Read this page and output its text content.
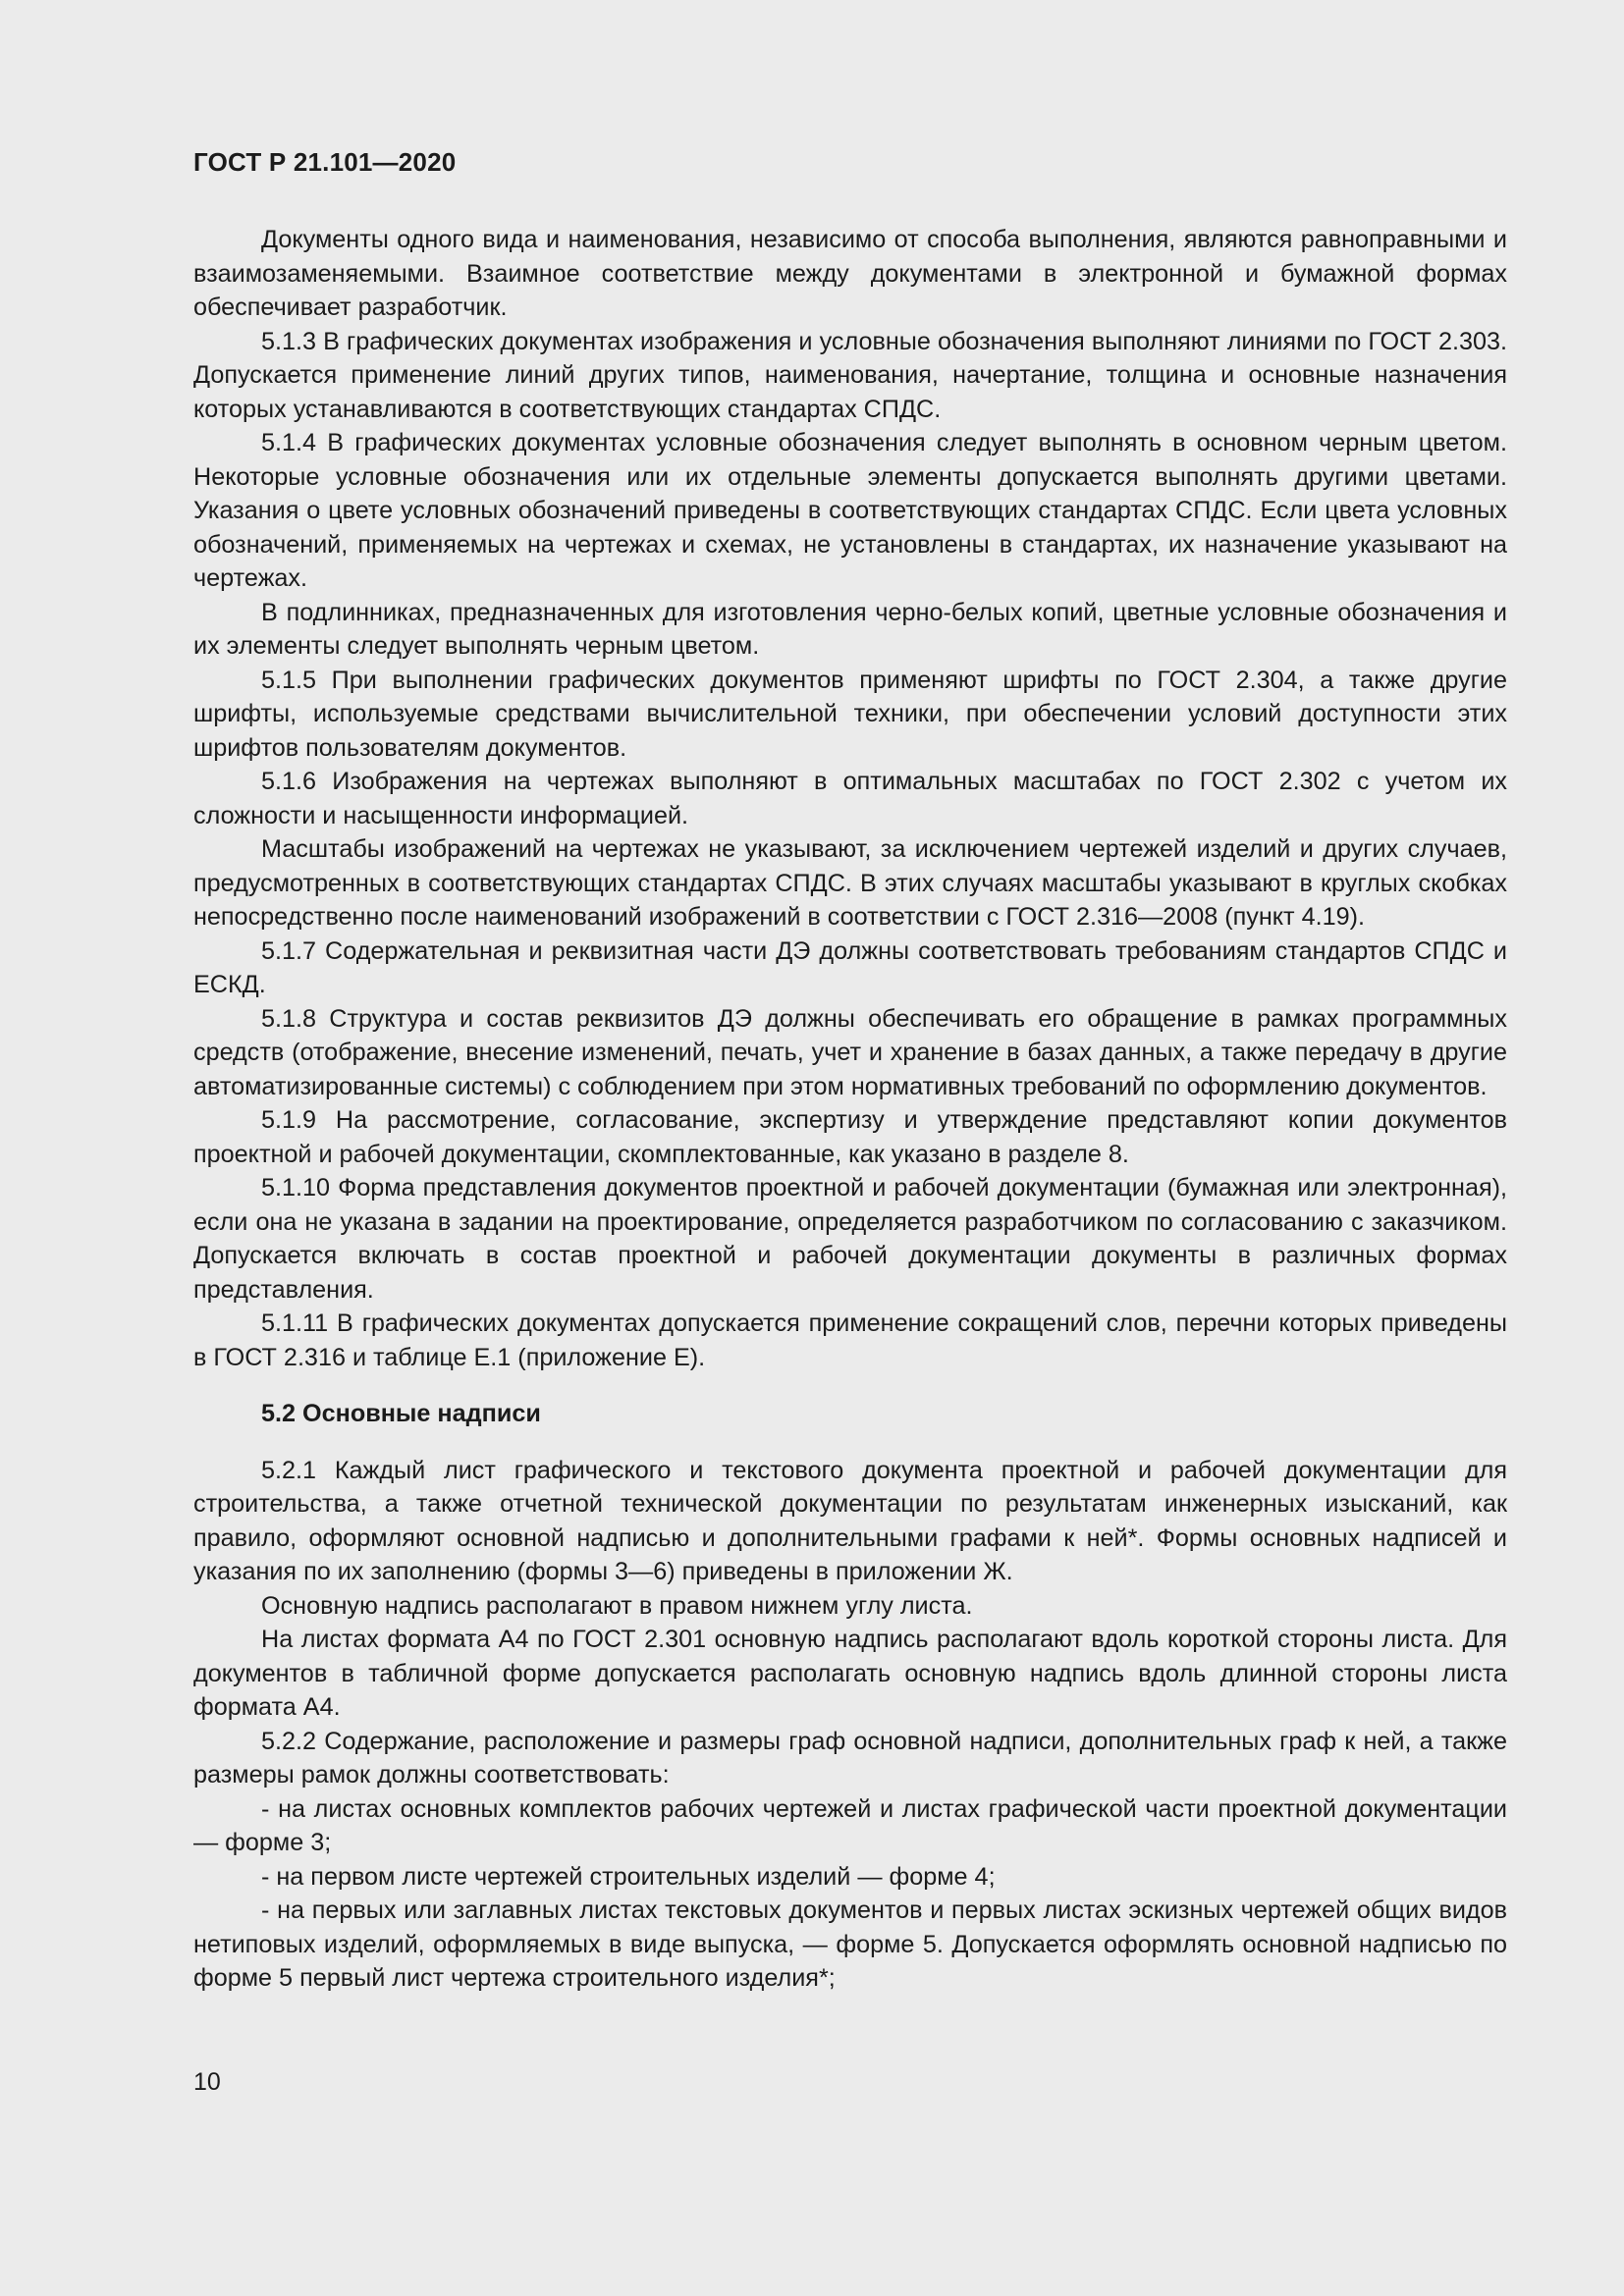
ГОСТ Р 21.101—2020

Документы одного вида и наименования, независимо от способа выполнения, являются равноправными и взаимозаменяемыми. Взаимное соответствие между документами в электронной и бумажной формах обеспечивает разработчик.

5.1.3 В графических документах изображения и условные обозначения выполняют линиями по ГОСТ 2.303. Допускается применение линий других типов, наименования, начертание, толщина и основные назначения которых устанавливаются в соответствующих стандартах СПДС.

5.1.4 В графических документах условные обозначения следует выполнять в основном черным цветом. Некоторые условные обозначения или их отдельные элементы допускается выполнять другими цветами. Указания о цвете условных обозначений приведены в соответствующих стандартах СПДС. Если цвета условных обозначений, применяемых на чертежах и схемах, не установлены в стандартах, их назначение указывают на чертежах.

В подлинниках, предназначенных для изготовления черно-белых копий, цветные условные обозначения и их элементы следует выполнять черным цветом.

5.1.5 При выполнении графических документов применяют шрифты по ГОСТ 2.304, а также другие шрифты, используемые средствами вычислительной техники, при обеспечении условий доступности этих шрифтов пользователям документов.

5.1.6 Изображения на чертежах выполняют в оптимальных масштабах по ГОСТ 2.302 с учетом их сложности и насыщенности информацией.

Масштабы изображений на чертежах не указывают, за исключением чертежей изделий и других случаев, предусмотренных в соответствующих стандартах СПДС. В этих случаях масштабы указывают в круглых скобках непосредственно после наименований изображений в соответствии с ГОСТ 2.316—2008 (пункт 4.19).

5.1.7 Содержательная и реквизитная части ДЭ должны соответствовать требованиям стандартов СПДС и ЕСКД.

5.1.8 Структура и состав реквизитов ДЭ должны обеспечивать его обращение в рамках программных средств (отображение, внесение изменений, печать, учет и хранение в базах данных, а также передачу в другие автоматизированные системы) с соблюдением при этом нормативных требований по оформлению документов.

5.1.9 На рассмотрение, согласование, экспертизу и утверждение представляют копии документов проектной и рабочей документации, скомплектованные, как указано в разделе 8.

5.1.10 Форма представления документов проектной и рабочей документации (бумажная или электронная), если она не указана в задании на проектирование, определяется разработчиком по согласованию с заказчиком. Допускается включать в состав проектной и рабочей документации документы в различных формах представления.

5.1.11 В графических документах допускается применение сокращений слов, перечни которых приведены в ГОСТ 2.316 и таблице Е.1 (приложение Е).

5.2 Основные надписи

5.2.1 Каждый лист графического и текстового документа проектной и рабочей документации для строительства, а также отчетной технической документации по результатам инженерных изысканий, как правило, оформляют основной надписью и дополнительными графами к ней*. Формы основных надписей и указания по их заполнению (формы 3—6) приведены в приложении Ж.

Основную надпись располагают в правом нижнем углу листа.

На листах формата А4 по ГОСТ 2.301 основную надпись располагают вдоль короткой стороны листа. Для документов в табличной форме допускается располагать основную надпись вдоль длинной стороны листа формата А4.

5.2.2 Содержание, расположение и размеры граф основной надписи, дополнительных граф к ней, а также размеры рамок должны соответствовать:

- на листах основных комплектов рабочих чертежей и листах графической части проектной документации — форме 3;

- на первом листе чертежей строительных изделий — форме 4;

- на первых или заглавных листах текстовых документов и первых листах эскизных чертежей общих видов нетиповых изделий, оформляемых в виде выпуска, — форме 5. Допускается оформлять основной надписью по форме 5 первый лист чертежа строительного изделия*;

10
